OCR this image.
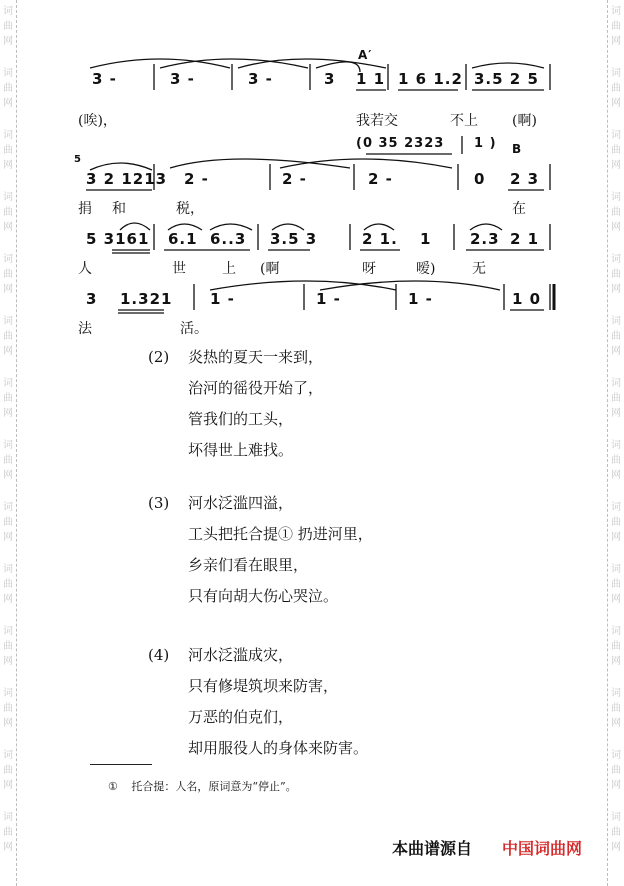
词
曲
网
词
曲
网
词
曲
网
词
曲
网
词
曲
网
词
曲
网
词
曲
网
词
曲
网
词
曲
网
词
曲
网
词
曲
网
词
曲
网
词
曲
网
词
曲
网
词
曲
网
词
曲
网
词
曲
网
词
曲
网
词
曲
网
词
曲
网
词
曲
网
词
曲
网
词
曲
网
词
曲
网
词
曲
网
词
曲
网
词
曲
网
词
曲
网
A′
B
5
3 -	3 -	3 -	3 1 1 1 6 1.2 3.5 2 5
(唉)，	我若交	不上 (啊)
(0 35 2323 1 )
3 2 1213 2 -	2 -	2 -	0 2 3
捐 和	税，	在
5 3161 6.1 6..3 3.5 3	2 1. 1	2.3 2 1
人	世	上 (啊	呀	嗳)	无
3 1.321	1 -	1 -	1 -	1 0
法	活。
(2) 炎热的夏天一来到，
治河的徭役开始了，
管我们的工头，
坏得世上难找。
(3) 河水泛滥四溢，
工头把托合提① 扔进河里，
乡亲们看在眼里，
只有向胡大伤心哭泣。
(4) 河水泛滥成灾，
只有修堤筑坝来防害，
万恶的伯克们，
却用服役人的身体来防害。
① 托合提：人名，原词意为“停止”。
本曲谱源自 中国词曲网
